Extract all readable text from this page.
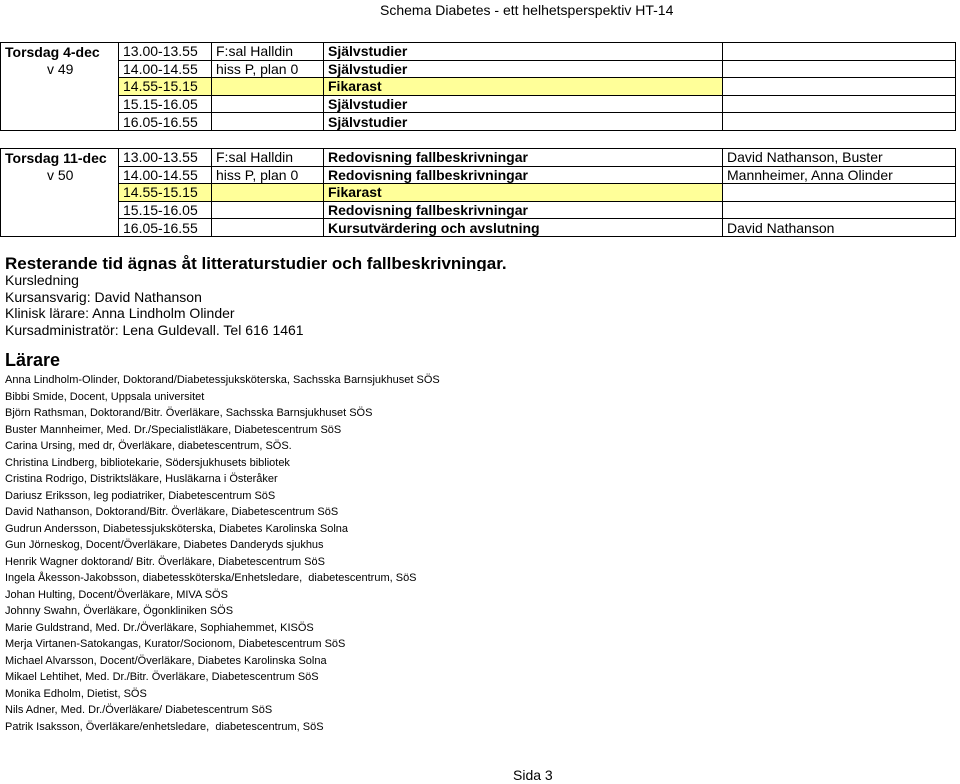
Schema Diabetes - ett helhetsperspektiv HT-14
Torsdag 4-dec	13.00-13.55	F:sal Halldin	Självstudier	
v 49	14.00-14.55	hiss P, plan 0	Självstudier	
	14.55-15.15		Fikarast	
	15.15-16.05		Självstudier	
	16.05-16.55		Självstudier	
Torsdag 11-dec	13.00-13.55	F:sal Halldin	Redovisning fallbeskrivningar	David Nathanson, Buster
v 50	14.00-14.55	hiss P, plan 0	Redovisning fallbeskrivningar	Mannheimer, Anna Olinder
	14.55-15.15		Fikarast	
	15.15-16.05		Redovisning fallbeskrivningar	
	16.05-16.55		Kursutvärdering och avslutning	David Nathanson
Resterande tid ägnas åt litteraturstudier och fallbeskrivningar.
Kursledning
Kursansvarig: David Nathanson
Klinisk lärare: Anna Lindholm Olinder
Kursadministratör: Lena Guldevall. Tel 616 1461
Lärare
Anna Lindholm-Olinder, Doktorand/Diabetessjuksköterska, Sachsska Barnsjukhuset SÖS
Bibbi Smide, Docent, Uppsala universitet
Björn Rathsman, Doktorand/Bitr. Överläkare, Sachsska Barnsjukhuset SÖS
Buster Mannheimer, Med. Dr./Specialistläkare, Diabetescentrum SöS
Carina Ursing, med dr, Överläkare, diabetescentrum, SÖS.
Christina Lindberg, bibliotekarie, Södersjukhusets bibliotek
Cristina Rodrigo, Distriktsläkare, Husläkarna i Österåker
Dariusz Eriksson, leg podiatriker, Diabetescentrum SöS
David Nathanson, Doktorand/Bitr. Överläkare, Diabetescentrum SöS
Gudrun Andersson, Diabetessjuksköterska, Diabetes Karolinska Solna
Gun Jörneskog, Docent/Överläkare, Diabetes Danderyds sjukhus
Henrik Wagner doktorand/ Bitr. Överläkare, Diabetescentrum SöS
Ingela Åkesson-Jakobsson, diabetessköterska/Enhetsledare,  diabetescentrum, SöS
Johan Hulting, Docent/Överläkare, MIVA SÖS
Johnny Swahn, Överläkare, Ögonkliniken SÖS
Marie Guldstrand, Med. Dr./Överläkare, Sophiahemmet, KISÖS
Merja Virtanen-Satokangas, Kurator/Socionom, Diabetescentrum SöS
Michael Alvarsson, Docent/Överläkare, Diabetes Karolinska Solna
Mikael Lehtihet, Med. Dr./Bitr. Överläkare, Diabetescentrum SöS
Monika Edholm, Dietist, SÖS
Nils Adner, Med. Dr./Överläkare/ Diabetescentrum SöS
Patrik Isaksson, Överläkare/enhetsledare,  diabetescentrum, SöS
Sida 3
